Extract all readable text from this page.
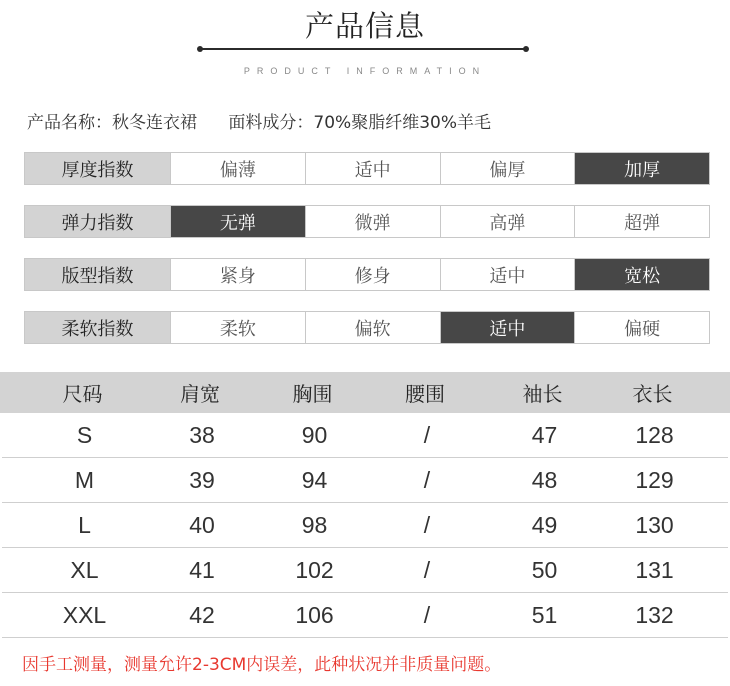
产品信息
PRODUCT INFORMATION
产品名称：秋冬连衣裙 面料成分：70%聚脂纤维30%羊毛
厚度指数	偏薄	适中	偏厚	加厚
弹力指数	无弹	微弹	高弹	超弹
版型指数	紧身	修身	适中	宽松
柔软指数	柔软	偏软	适中	偏硬
尺码	肩宽	胸围	腰围	袖长	衣长
S	38	90	/	47	128
M	39	94	/	48	129
L	40	98	/	49	130
XL	41	102	/	50	131
XXL	42	106	/	51	132
因手工测量，测量允许2-3CM内误差，此种状况并非质量问题。
